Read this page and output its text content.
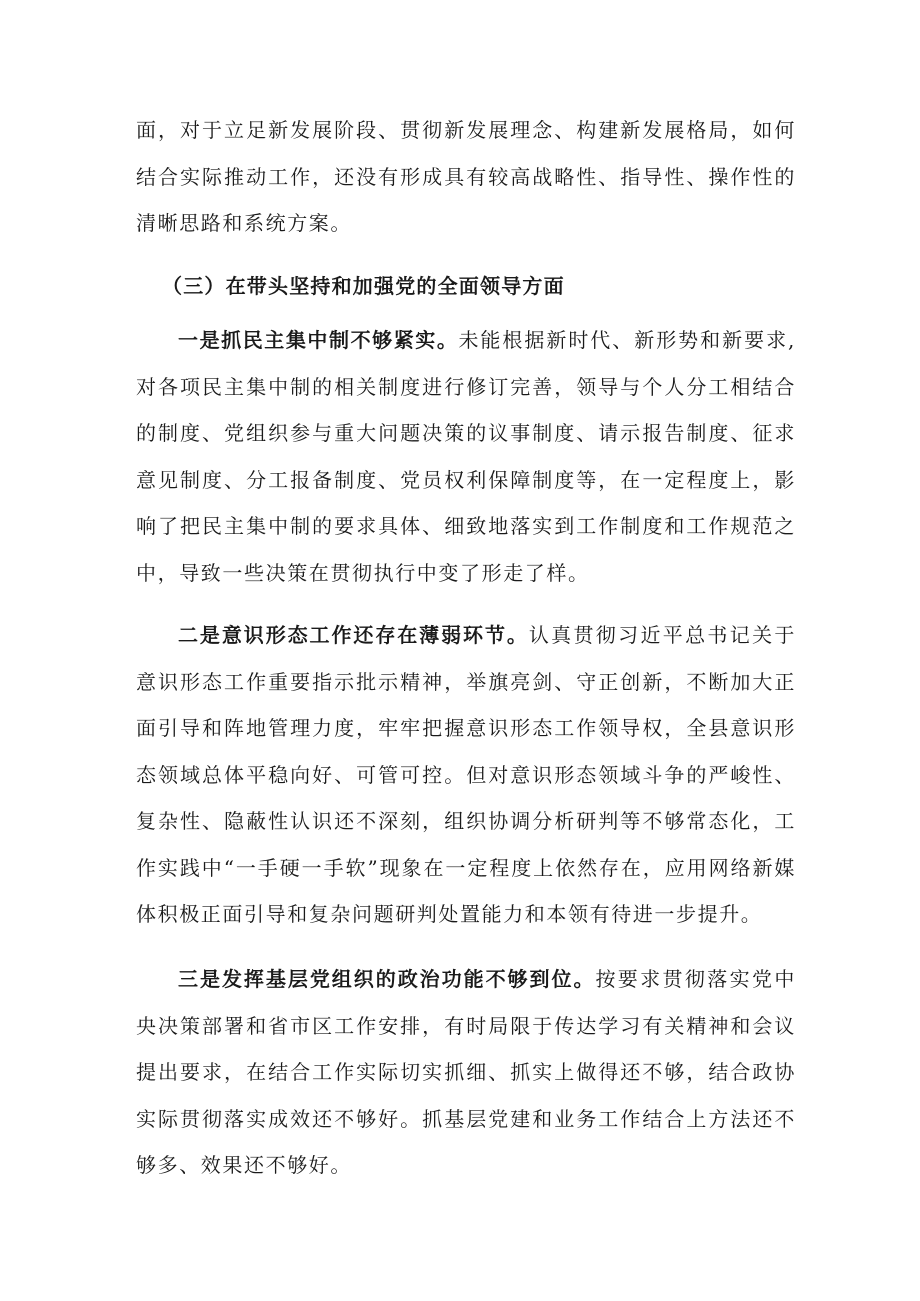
面，对于立足新发展阶段、贯彻新发展理念、构建新发展格局，如何结合实际推动工作，还没有形成具有较高战略性、指导性、操作性的清晰思路和系统方案。

（三）在带头坚持和加强党的全面领导方面

一是抓民主集中制不够紧实。未能根据新时代、新形势和新要求,对各项民主集中制的相关制度进行修订完善，领导与个人分工相结合的制度、党组织参与重大问题决策的议事制度、请示报告制度、征求意见制度、分工报备制度、党员权利保障制度等，在一定程度上，影响了把民主集中制的要求具体、细致地落实到工作制度和工作规范之中，导致一些决策在贯彻执行中变了形走了样。

二是意识形态工作还存在薄弱环节。认真贯彻习近平总书记关于意识形态工作重要指示批示精神，举旗亮剑、守正创新，不断加大正面引导和阵地管理力度，牢牢把握意识形态工作领导权，全县意识形态领域总体平稳向好、可管可控。但对意识形态领域斗争的严峻性、复杂性、隐蔽性认识还不深刻，组织协调分析研判等不够常态化，工作实践中“一手硬一手软”现象在一定程度上依然存在，应用网络新媒体积极正面引导和复杂问题研判处置能力和本领有待进一步提升。

三是发挥基层党组织的政治功能不够到位。按要求贯彻落实党中央决策部署和省市区工作安排，有时局限于传达学习有关精神和会议提出要求，在结合工作实际切实抓细、抓实上做得还不够，结合政协实际贯彻落实成效还不够好。抓基层党建和业务工作结合上方法还不够多、效果还不够好。
